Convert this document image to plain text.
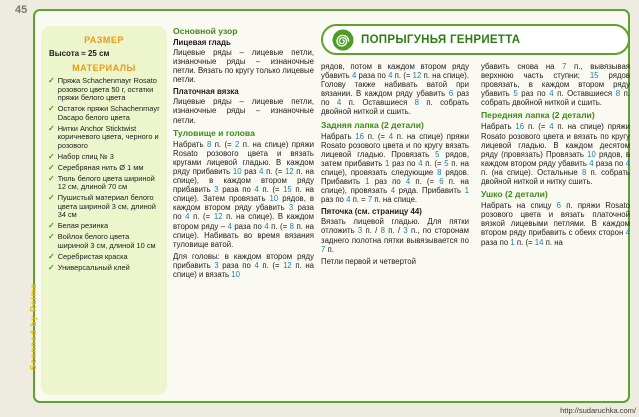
45
РАЗМЕР
Высота ≈ 25 см
МАТЕРИАЛЫ
✓ Пряжа Schachenmayr Rosato розового цвета 50 г, остатки пряжи белого цвета
✓ Остаток пряжи Schachenmayr Dacapo белого цвета
✓ Нитки Anchor Sticktwist коричневого цвета, черного и розового
✓ Набор спиц № 3
✓ Серебряная нить Ø 1 мм
✓ Тюль белого цвета шириной 12 см, длиной 70 см
✓ Пушистый материал белого цвета шириной 3 см, длиной 34 см
✓ Белая резинка
✓ Войлок белого цвета шириной 3 см, длиной 10 см
✓ Серебристая краска
✓ Универсальный клей
Scanned by Reima
ПОПРЫГУНЬЯ ГЕНРИЕТТА
Основной узор
Лицевая гладь

Лицевые ряды – лицевые петли, изнаночные ряды – изнаночные петли. Вязать по кругу только лицевые петли.

Платочная вязка

Лицевые ряды – лицевые петли, изнаночные ряды – изнаночные петли.

Туловище и голова

Набрать 8 п. (= 2 п. на спице) пряжи Rosato розового цвета и вязать кругами лицевой гладью. В каждом ряду прибавить 10 раз 4 п. (= 12 п. на спице), в каждом втором ряду прибавить 3 раза по 4 п. (= 15 п. на спице). Затем провязать 10 рядов, в каждом втором ряду убавить 3 раза по 4 п. (= 12 п. на спице). В каждом втором ряду – 4 раза по 4 п. (= 8 п. на спице). Набивать во время вязания туловище ватой.

Для головы: в каждом втором ряду прибавить 3 раза по 4 п. (= 12 п. на спице) и вязать 10

рядов, потом в каждом втором ряду убавить 4 раза по 4 п. (= 12 п. на спице). Голову также набивать ватой при вязании. В каждом ряду убавить 6 раз по 4 п. Оставшиеся 8 п. собрать двойной ниткой и сшить.

Задняя лапка (2 детали)

Набрать 16 п. (= 4 п. на спице) пряжи Rosato розового цвета и по кругу вязать лицевой гладью. Провязать 5 рядов, затем прибавить 1 раз по 4 п. (= 5 п. на спице), провязать следующие 8 рядов. Прибавить 1 раз по 4 п. (= 6 п. на спице), провязать 4 ряда. Прибавить 1 раз по 4 п. = 7 п. на спице.

Пяточка (см. страницу 44)

Вязать лицевой гладью. Для пятки отложить 3 п. / 8 п. / 3 п., по сторонам заднего полотна пятки вывязывается по 7 п.

Петли первой и четвертой

убавить снова на 7 п., вывязывая верхнюю часть ступни; 15 рядов провязать, в каждом втором ряду убавить 5 раз по 4 п. Оставшиеся 8 п. собрать двойной ниткой и сшить.

Передняя лапка (2 детали)

Набрать 16 п. (= 4 п. на спице) пряжи Rosato розового цвета и вязать по кругу лицевой гладью. В каждом десятом ряду (провязать) Провязать 10 рядов, в каждом втором ряду убавить 4 раза по 4 п. (на спице). Остальные 8 п. собрать двойной ниткой и нитку сшить.

Ушко (2 детали)

Набрать на спицу 6 п. пряжи Rosato розового цвета и вязать платочной вязкой лицевыми петлями. В каждом втором ряду прибавить с обеих сторон 4 раза по 1 п. (= 14 п. на

http://sudaruchka.com/
